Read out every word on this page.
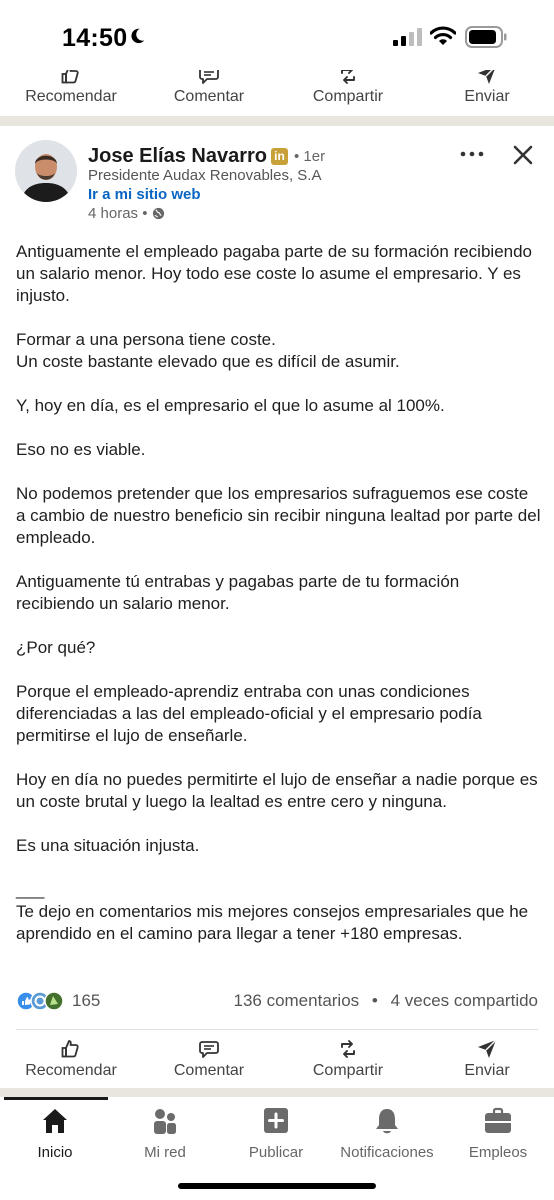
14:50
Recomendar	Comentar	Compartir	Enviar
Jose Elías Navarro in • 1er
Presidente Audax Renovables, S.A
Ir a mi sitio web
4 horas •

Antiguamente el empleado pagaba parte de su formación recibiendo un salario menor. Hoy todo ese coste lo asume el empresario. Y es injusto.

Formar a una persona tiene coste.
Un coste bastante elevado que es difícil de asumir.

Y, hoy en día, es el empresario el que lo asume al 100%.

Eso no es viable.

No podemos pretender que los empresarios sufraguemos ese coste a cambio de nuestro beneficio sin recibir ninguna lealtad por parte del empleado.

Antiguamente tú entrabas y pagabas parte de tu formación recibiendo un salario menor.

¿Por qué?

Porque el empleado-aprendiz entraba con unas condiciones diferenciadas a las del empleado-oficial y el empresario podía permitirse el lujo de enseñarle.

Hoy en día no puedes permitirte el lujo de enseñar a nadie porque es un coste brutal y luego la lealtad es entre cero y ninguna.

Es una situación injusta.

___
Te dejo en comentarios mis mejores consejos empresariales que he aprendido en el camino para llegar a tener +180 empresas.

165	136 comentarios • 4 veces compartido
Recomendar	Comentar	Compartir	Enviar
Inicio	Mi red	Publicar	Notificaciones	Empleos
